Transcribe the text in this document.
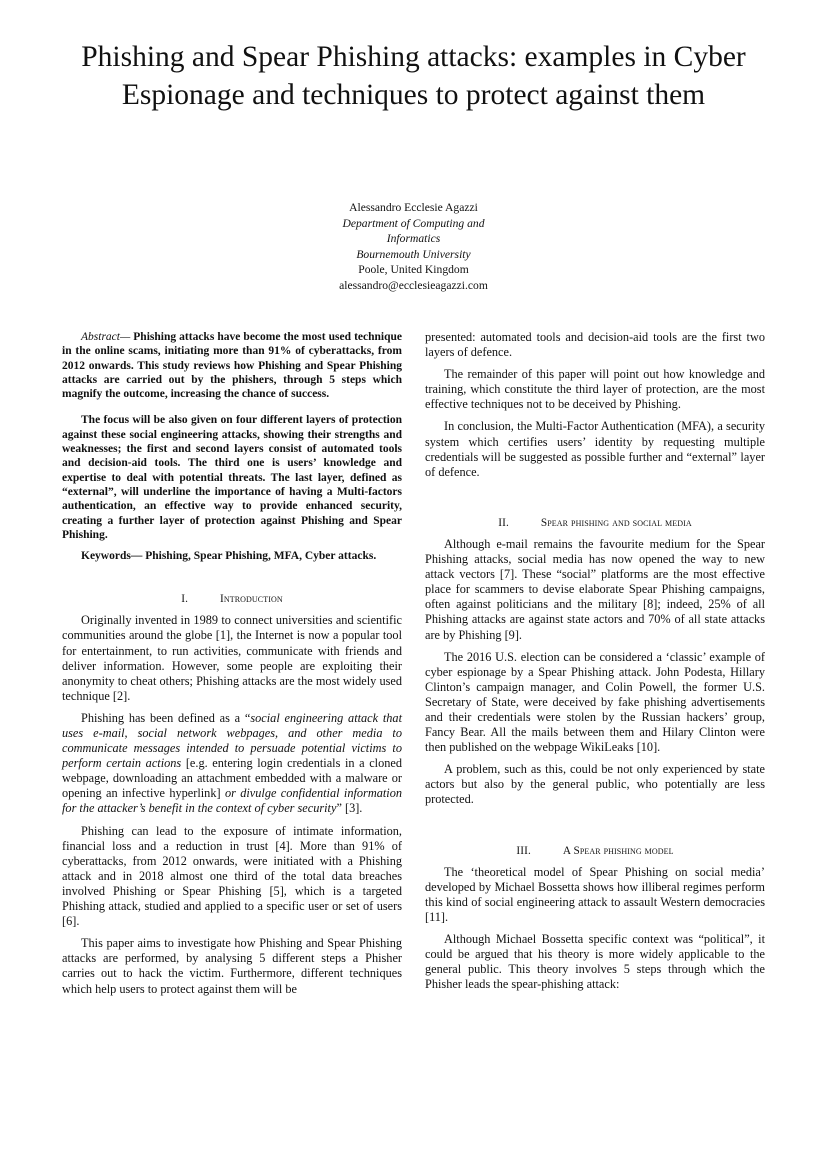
Phishing and Spear Phishing attacks: examples in Cyber Espionage and techniques to protect against them
Alessandro Ecclesie Agazzi
Department of Computing and
Informatics
Bournemouth University
Poole, United Kingdom
alessandro@ecclesieagazzi.com

Abstract— Phishing attacks have become the most used technique in the online scams, initiating more than 91% of cyberattacks, from 2012 onwards. This study reviews how Phishing and Spear Phishing attacks are carried out by the phishers, through 5 steps which magnify the outcome, increasing the chance of success.

The focus will be also given on four different layers of protection against these social engineering attacks, showing their strengths and weaknesses; the first and second layers consist of automated tools and decision-aid tools. The third one is users’ knowledge and expertise to deal with potential threats. The last layer, defined as “external”, will underline the importance of having a Multi-factors authentication, an effective way to provide enhanced security, creating a further layer of protection against Phishing and Spear Phishing.

Keywords— Phishing, Spear Phishing, MFA, Cyber attacks.

I.	Introduction

Originally invented in 1989 to connect universities and scientific communities around the globe [1], the Internet is now a popular tool for entertainment, to run activities, communicate with friends and deliver information. However, some people are exploiting their anonymity to cheat others; Phishing attacks are the most widely used technique [2].

Phishing has been defined as a “social engineering attack that uses e-mail, social network webpages, and other media to communicate messages intended to persuade potential victims to perform certain actions [e.g. entering login credentials in a cloned webpage, downloading an attachment embedded with a malware or opening an infective hyperlink] or divulge confidential information for the attacker’s benefit in the context of cyber security” [3].

Phishing can lead to the exposure of intimate information, financial loss and a reduction in trust [4]. More than 91% of cyberattacks, from 2012 onwards, were initiated with a Phishing attack and in 2018 almost one third of the total data breaches involved Phishing or Spear Phishing [5], which is a targeted Phishing attack, studied and applied to a specific user or set of users [6].

This paper aims to investigate how Phishing and Spear Phishing attacks are performed, by analysing 5 different steps a Phisher carries out to hack the victim. Furthermore, different techniques which help users to protect against them will be

presented: automated tools and decision-aid tools are the first two layers of defence.

The remainder of this paper will point out how knowledge and training, which constitute the third layer of protection, are the most effective techniques not to be deceived by Phishing.

In conclusion, the Multi-Factor Authentication (MFA), a security system which certifies users’ identity by requesting multiple credentials will be suggested as possible further and “external” layer of defence.

II.	Spear phishing and social media

Although e-mail remains the favourite medium for the Spear Phishing attacks, social media has now opened the way to new attack vectors [7]. These “social” platforms are the most effective place for scammers to devise elaborate Spear Phishing campaigns, often against politicians and the military [8]; indeed, 25% of all Phishing attacks are against state actors and 70% of all state attacks are by Phishing [9].

The 2016 U.S. election can be considered a ‘classic’ example of cyber espionage by a Spear Phishing attack. John Podesta, Hillary Clinton’s campaign manager, and Colin Powell, the former U.S. Secretary of State, were deceived by fake phishing advertisements and their credentials were stolen by the Russian hackers’ group, Fancy Bear. All the mails between them and Hilary Clinton were then published on the webpage WikiLeaks [10].

A problem, such as this, could be not only experienced by state actors but also by the general public, who potentially are less protected.

III.	A Spear phishing model

The ‘theoretical model of Spear Phishing on social media’ developed by Michael Bossetta shows how illiberal regimes perform this kind of social engineering attack to assault Western democracies [11].

Although Michael Bossetta specific context was “political”, it could be argued that his theory is more widely applicable to the general public. This theory involves 5 steps through which the Phisher leads the spear-phishing attack:
